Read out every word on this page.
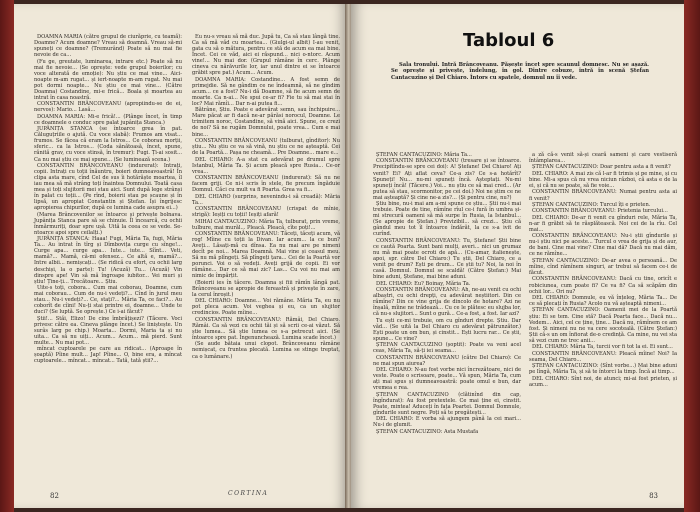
DOAMNA MARIA (către grupul de ciurăprie, cu teamă): Doamne? Acum doamne? Vreau să doamnă. Vreau să-mi spuneți ce doamne? (Tremurând) Poate să nu mai fie nevoie de ca...

(Fu ge, greutate, luminarea, intrare etc.) Poate să nu mai fie nevoie... (Se oprește: vede grupul boierilor; cu voce alterată de emoție): Nu știu ce mai vine... Aici-noapte m-am rugat... și iert-noapte m-am rugat. Nu mai pot dormi noapte... Nu știu ce mai vine... (Către Doamna) Costandine, mi-e frică... Boala și moartea au intrat în casa noastră.

CONSTANTIN BRÂNCOVEANU (apropiindu-se de ei, nervos): Mario... Lasă...

DOAMNA MARIA: Mi-e frică!... (Plânge încet, în timp ce doamnele o conduc spre palat jupânița Stanca.)

JUPÂNIȚA STANCA (se întoarce grea în pat. Căluguțriile o ajută. Cu voce slabă): Frumos am visat... frumos. Se făcea că eram la Istros... Ce coborau morții, sferic... ca la Istros... (Coda sănătoasă, încet, spune, rănită grav, cu voce stinsă, în tremur): Fugi. Ți-ai sosit... Ca nu mai știu ce mai spune... (Se luminează scena.)

CONSTANTIN BRÂNCOVEANU (indurerat): Intrați, copii. Intrați cu toții înăuntru, boieri dumneavoastră! În clipa asta mare, cînd Cel de sus îi hotărăște moartea, îl iau mea să mă strâng toți înaintea Domnului. Toată casa mea și toți slujitorii mei stau aici. Sunt după lege strânși în palat cu toții... (Pe rînd, boierii stau pe scaune și în lipsă, un apropiat Constantin și Ștefan. Își îngrijesc apropierea chipurilor, după ce lumina cade asupra ei...)

(Marea Brâncovenilor se întoarce și privește bolnava. Jupânița Stanca pare să se chinuie. Îl încearcă, cu ochii înmărmuriți, doar spre ușă. Uită la ceea ce se vede. Se-ntoarce apoi spre ceilalți.)

JUPÂNIȚA STANCA: Haaa! Fugi, Măria Ta, fugi, Măria Ta... Au intrat în tîrg și Dîmbovița curge cu sînge!... Curge apa... curge apa... Iute... iute... Sîînt... Veti, mamă?... Mamă, că-mi ofensez... Ce altă e, mamă?... Intre albii... nemișcați... (Se ridică cu efort, cu ochii larg deschiși, la o parte): Tu! (Acuză) Tu... (Acuză) Vin dinspre ape! Vin să mă îngroape iubitor... Vei muri și știu! Ține-ți... Trecătoare... Știu.

Uite-s toți, cobora... Cum mai coborau, Doamne, cum mai coborau... Cum de nu-i vedeți?... Cînd în jurul meu stau... Nu-i vedeți?... Ce, stați?... Măria Ta, ce faci?... Au coborît de cîini! Nu-ți stai printre ei, doamne... Unde te duci? (Se luptă. Se oprește.) Ce i-ai făcut?

Știi!... Stăi, Elizo! De cine îmbrățișezi? (Tăcere. Voci privesc către ea. Cineva plânge încet.) Se liniștește. Un surâs larg pe chip.) Moarta... Dormi, Maria ta și nu uita... Ca să nu uiți... Acum... Acum... mă pierd. Sunt multe... Nu mai pot...

mîncat cuptoarele pe care au ridicat... (Aproape în șoaptă) Pîine mult... Jap! Pîine... O, bine era, a mîncat cuptoarele... mîncat... mîncat... Tată, tată știi?...

Eu nu-s vreau să mă duc. Jupâ tu, Ca să stau lângă tine. Ca să mă văd cu moartea... (Giulgi-ul albit) I-au venit, gata cu să o mătura, pentru ce stă de acum ea mai bine. Încet. Cei ce văd, aici ei răspund... nici o-ntorc. Acum vine!... Nu mai dor. (Grupul rămâne în cerc. Plânge cineva cu nărăvurile lor, iar unul dintre ei se întoarce grăbit spre pat.) Acum... Acum.

DOAMNA MARIA: Costandine... A fost semn de primejdie. Să ne gândim ce ne îndeamnă, să ne gîndim acum... ce a fost? Nu-i dă Doamne, să fie acum semn de moarte. Ca n-ai... Ne spui ce-ar fi? Fie tu să mai stai în loc? Mai rămîi... Dar n-ai putea fi...

Bătrâne, Știu. Poate e adevărat semn, sau închipuire... Mare păcat ar fi dacă ne-ar părăsi norocul, Doamne. Le trimitem noroc, Costandine, să vină aici. Spune, ce crezi de noi? Să ne rugăm Domnului, poate vrea... Cum e mai bine...

CONSTANTIN BRÂNCOVEANU (tulburat, gînditor): Nu știu... Nu știu ce va să vină, nu știu ce ne așteaptă. Cei de la Poartă... Pașa ne cheamă... Pre Doamne... mare e...

DEL CHIARO: A-a stat cu adevărat pe drumul spre Istanbul, Măria Ta. Și acum pleacă spre Rusia... Ce-or vrea...

CONSTANTIN BRÂNCOVEANU (indurerat): Să nu ne facem griji. Ce ni-i scris în stele, fie precum îngăduie Domnul. Căci cu mult va fi Poarta. Grea va fi...

DEL CHIARO (surprins, nevenindu-i să creadă): Măria Ta...

CONSTANTIN BRÂNCOVEANU (crispat de mînie, strigă): Ieșiți cu toții! Ieșiți afară!

MIHAI CANTACUZINO: Măria Ta, tulburat, prin vreme, tulbure, mai murăl... Pleacă. Pleacă, cîte poți!...

CONSTANTIN BRÂNCOVEANU: Tăceți, tăceți acum, vă rog! Mîine cu toții la Divan. Iar acum... la ce bun? Aveți... Lăsați-mă cu dînsa. Ea nu mai are pe nimeni decît pe noi... Marea Doamnă. Mai vine și ceasul meu. Să nu mă plîngeți. Să plîngeți țara... Cei de la Poartă vor porunci. Voi o să vedeți. Aveți grijă de copii. Ei vor rămâne... Dar ce să mai zic? Las... Cu voi nu mai am nimic de împărțit.

(Boierii ies în tăcere. Doamna și fiii rămîn lângă pat. Brâncoveanu se apropie de fereastră și privește în zare, la cerul înroșit.)

DEL CHIARO: Doamne... Voi rămâne. Măria Ta, eu nu pot pleca acum. Voi veghea și eu, ca un slujitor credincios. Poate mîine...

CONSTANTIN BRÂNCOVEANU: Rămâi, Del Chiaro. Rămâi. Ca să vezi cu ochii tăi și să scrii ce-ai văzut. Să știe lumea... Să știe lumea ce s-a petrecut aici. (Se întoarce spre pat. Îngenunchează. Lumina scade încet.)

(Se aude bătaia unui clopot. Brâncoveanu rămâne nemișcat, cu fruntea plecată. Lumina se stinge treptat, ca o lumânare.)

CORTINA
82
Tabloul 6

Sala tronului. Intră Brâncoveanu. Pășește încet spre scaunul domnesc. Nu se așază. Se oprește și privește, îndelung, în gol. Dintre cobuze, intră în scenă Ștefan Cantacuzino și Del Chiaro. Întors cu spatele, domnul nu îi vede.

ȘTEFAN CANTACUZINO: Măria Ta...

CONSTANTIN BRÂNCOVEANU (tresare și se întoarce. Precipitîndu-se spre cei doi): A! Ștefane! Del Chiaro! Ați venit? Ei? Ați aflat ceva? Ce-a zis? Ce s-a hotărît? Spuneți! Nu... nu-mi spuneți încă. Așteptați. Nu-mi spuneți încă! (Tăcere.) Voi... nu știu ce să mai cred... (Ar putea să stau, scormonitor, pe cei doi.) Noi ne știm ce ne mai așteaptă? Și cine ne-a zis?... (Și pentru cine, nu?)

Știu bine, nu-i mai am a-mi spune ce știu... Știi nu-i mai trebuie. Poate de tine, rămîne rîul ce-i fură în umbra și-mi strecură oameni să mă surpe în Rusia, la Istanbul... (Se apropie de Ștefan.) Previzibil... să crezi... Știu că gândul meu tot îl întoarce îndărăt, la ce s-a ivit de curînd.

CONSTANTIN BRÂNCOVEANU: Tu, Ștefane! Știi bine ce caută Poarta. Sunt bani mulți, averi... nici un grumaz nu mă mai poate ocroti de apă... (Cu-amar, italienește, apoi, spr. către Del Chiaro:) Tu știi, Del Chiaro, ce a venit pe drum? Ești pe drum... Ce știi tu? Noi, la noi în casă. Domnul. Domnul se scaldă! (Către Ștefan:) Mai bine aduni, Ștefane, mai bine aduni.

DEL CHIARO: Eu? Boinay, Măria Ta.

CONSTANTIN BRÂNCOVEANU: Ah, ne-au venit cu ochi albaștri, cu ochi drepți, cu adevărat neștiitori. Din ce rămîne? Din ce vine grija de dincolo de hotare? Azi ne înșală, mîine ne trădează... Cu ce le plătesc eu slujba lor, că nu-s slujitori... Sunt o gură... Ce-a fost, a fost. Iar azi?

Tu ești ce-mi trebuie, om cu gînduri drepte. Știu. Dar văd... (Se uită la Del Chiaro cu adevărat pătrunzător.) Ești poate un om bun, și cinstit... Ești lucru rar... Ce știi, spune... Ce vine?

ȘTEFAN CANTACUZINO (șoptit): Poate va veni acel ceas, Măria Ta, să-ți iei seama...

CONSTANTIN BRÂNCOVEANU (către Del Chiaro): Ce ne mai spun aiurea?

DEL CHIARO: N-au fost vorbe nici încrezătoare, nici de veste. Poate o scrisoare, poate... Vă spun, Măria Ta, cum ați mai spus și dumneavoastră: poate omul e bun, dar vremea e rea.

ȘTEFAN CANTACUZINO (clătinînd din cap, îngîndurat): Au fost pretextele. Ce mai ține ei, cinstit. Poate, mintea! Aduceți în fața Poartei. Domnul Domnule, gîndurile sunt negre. Poți să te pregătești...

DEL CHIARO: E vorba să ajungem până la cei mari... Nu-i de glumit.

ȘTEFAN CANTACUZINO: Asta Mustafa

a ză că-s venit să-și ceară sameni și care vestiseră întâmplarea...

ȘTEFAN CANTACUZINO: Doar pentru asta a fi venit?

DEL CHIARO: A mai zis că l-ar fi trimis și pe mine, și cu bine. Mi-a spus că nu vrea niciun război, că asta e de la ei, și că nu se poate, să fie voie...

CONSTANTIN BRÂNCOVEANU: Numai pentru asta ai fi venit?

ȘTEFAN CANTACUZINO: Turcul îți e prieten.

CONSTANTIN BRÂNCOVEANU: Prietenia turcului...

DEL CHIARO: De-ar fi venit cu gînduri rele, Măria Ta, n-ar fi grăbit să te răsplătească. Noi cei de la rîu. Cel mai...

CONSTANTIN BRÂNCOVEANU: Nu-i știi gîndurile și nu-i știu nici pe aceste... Turcul o vrea de grija și de aur, de bani. Cine mai vine? Cine mai dă? Dacă nu mai dăm, ce ne rămîne...

ȘTEFAN CANTACUZINO: De-ar avea o persoană... De mîine, cînd rămînem singuri, ar trebui să facem ce-i de făcut.

CONSTANTIN BRÂNCOVEANU: Dacă cu tine, oricît e robiciunea, cum poate fi? Ce va fi? Ca să scăpăm din ochii lor... Ori nu?

DEL CHIARO: Domnule, eu vă înțeleg, Măria Ta... De ce să plecați în Rusia? Acolo nu vă așteaptă nimeni...

ȘTEFAN CANTACUZINO: Oamenii mei de la Poartă știu: Ei se tem. Cine stă? Dacă Poarta face... Dacă nu... Vedem... Aici, cel ce ține, ține... Dacă nu, rămînem ce am fost. Și nimeni nu ne va cere socoteală. (Către Ștefan:) Știi că-s un om înfiorat de-o credință. Ca mine, nu vei sta să vezi cum ne trec anii...

DEL CHIARO: Măria Ta, turcii vor fi tot la ei. Ei sunt...

CONSTANTIN BRÂNCOVEANU: Pleacă mîine! Noi? Ia seama, Del Chiaro...

ȘTEFAN CANTACUZINO: (Sînt vorbe...) Mai bine aduni pe lîngă, Măria Ta, și să te întorci la timp. Încă ai timp...

DEL CHIARO: Sînt noi, de atunci; mi-ai fost prieten, și acum...

83
